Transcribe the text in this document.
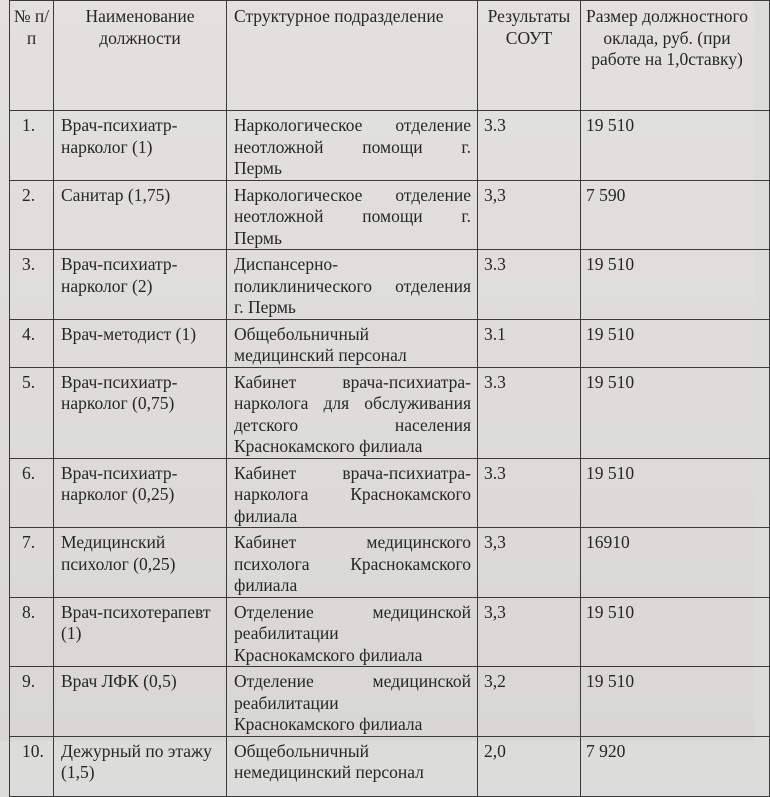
№ п/п	Наименование должности	Структурное подразделение	Результаты СОУТ	Размер должностного оклада, руб. (при работе на 1,0ставку)
1.	Врач-психиатр-нарколог (1)	Наркологическое отделение
неотложной помощи г.
Пермь	3.3	19 510
2.	Санитар (1,75)	Наркологическое отделение
неотложной помощи г.
Пермь	3,3	7 590
3.	Врач-психиатр-нарколог (2)	Диспансерно-
поликлинического отделения
г. Пермь	3.3	19 510
4.	Врач-методист (1)	Общебольничный
медицинский персонал	3.1	19 510
5.	Врач-психиатр-нарколог (0,75)	Кабинет врача-психиатра-
нарколога для обслуживания
детского населения
Краснокамского филиала	3.3	19 510
6.	Врач-психиатр-нарколог (0,25)	Кабинет врача-психиатра-
нарколога Краснокамского
филиала	3.3	19 510
7.	Медицинский психолог (0,25)	Кабинет медицинского
психолога Краснокамского
филиала	3,3	16910
8.	Врач-психотерапевт (1)	Отделение медицинской
реабилитации
Краснокамского филиала	3,3	19 510
9.	Врач ЛФК (0,5)	Отделение медицинской
реабилитации
Краснокамского филиала	3,2	19 510
10.	Дежурный по этажу (1,5)	Общебольничный
немедицинский персонал	2,0	7 920
